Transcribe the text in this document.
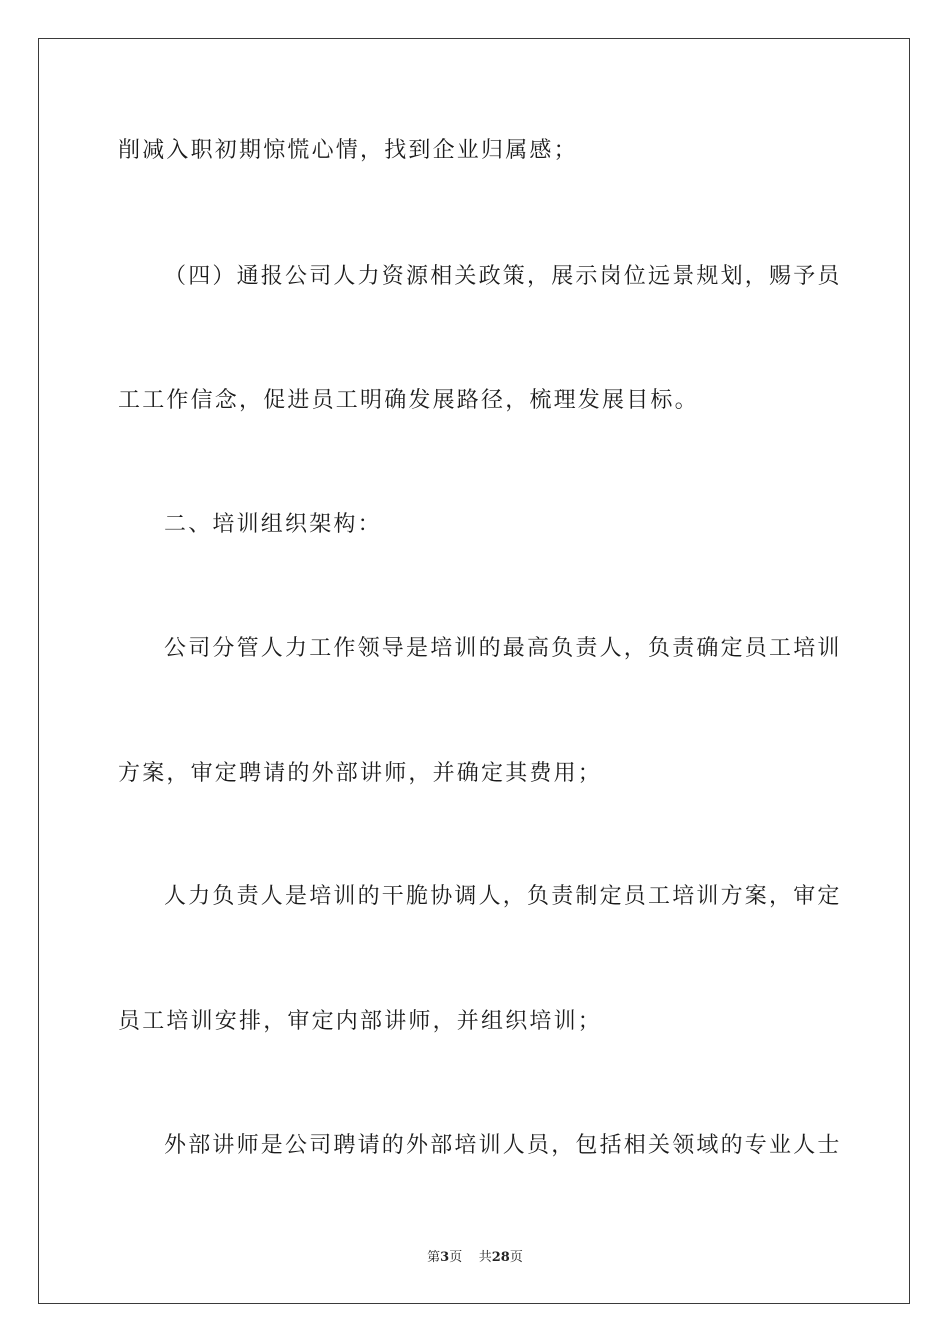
削减入职初期惊慌心情，找到企业归属感；
（四）通报公司人力资源相关政策，展示岗位远景规划，赐予员
工工作信念，促进员工明确发展路径，梳理发展目标。
二、培训组织架构：
公司分管人力工作领导是培训的最高负责人，负责确定员工培训
方案，审定聘请的外部讲师，并确定其费用；
人力负责人是培训的干脆协调人，负责制定员工培训方案，审定
员工培训安排，审定内部讲师，并组织培训；
外部讲师是公司聘请的外部培训人员，包括相关领域的专业人士
第3页 共28页
